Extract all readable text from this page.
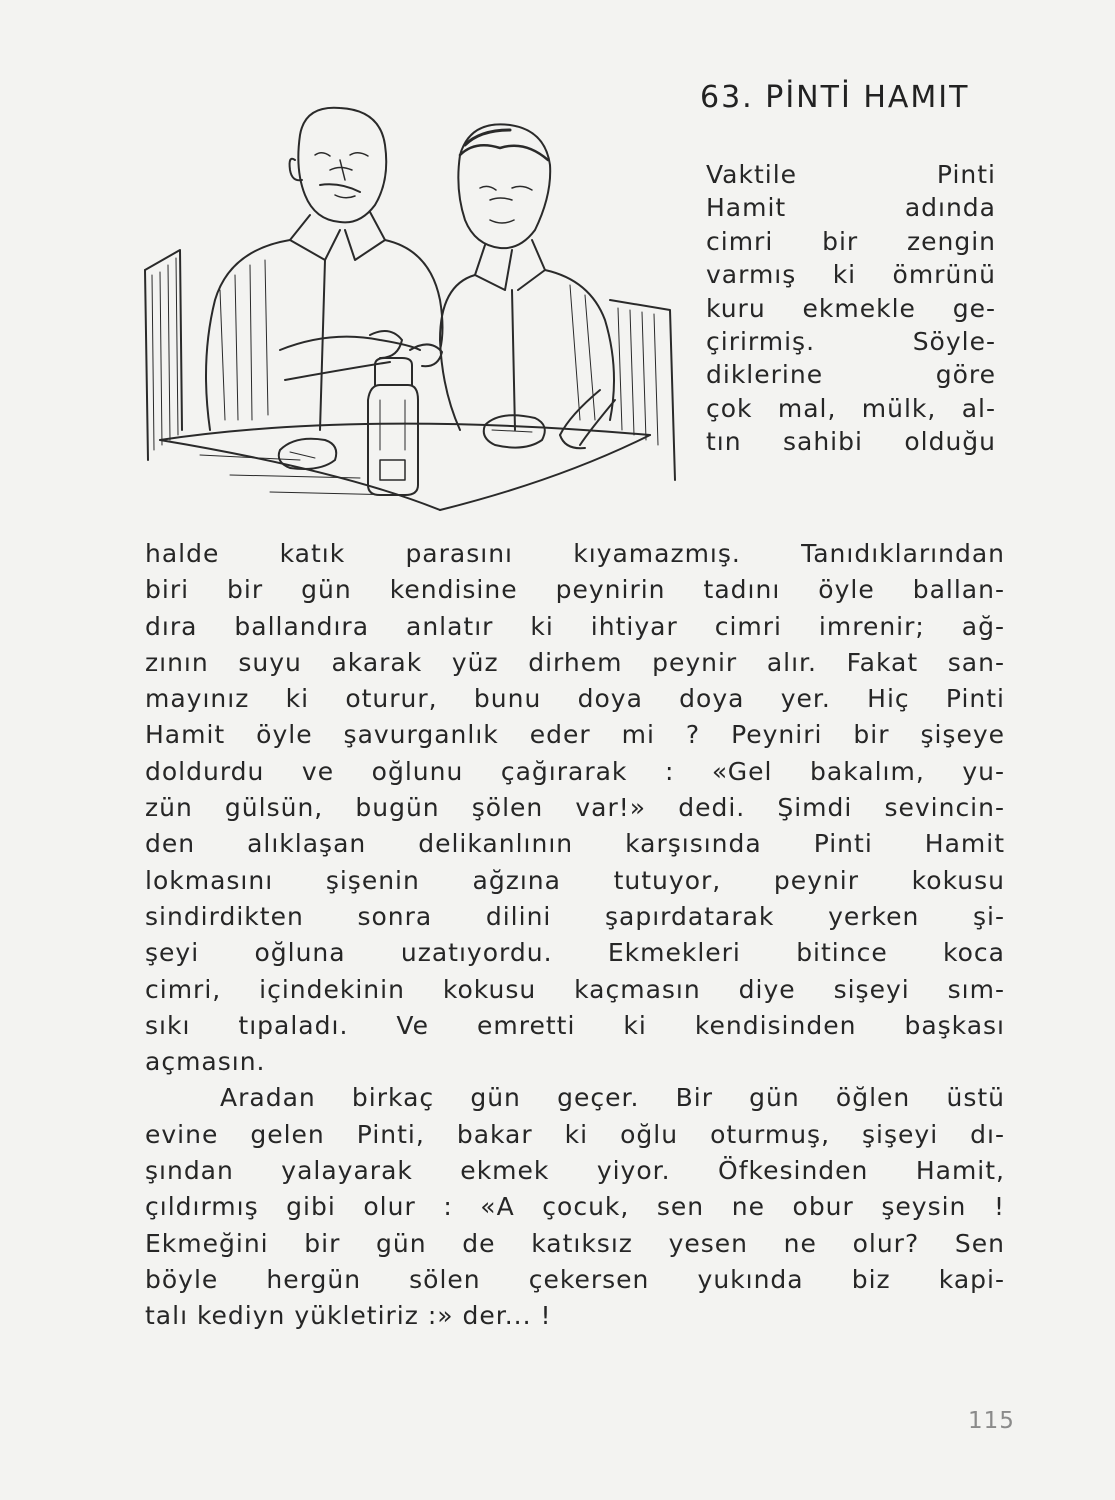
63. PİNTİ HAMIT
Vaktile Pinti
Hamit adında
cimri bir zengin
varmış ki ömrünü
kuru ekmekle ge-
çirirmiş. Söyle-
diklerine göre
çok mal, mülk, al-
tın sahibi olduğu
halde katık parasını kıyamazmış. Tanıdıklarından
biri bir gün kendisine peynirin tadını öyle ballan-
dıra ballandıra anlatır ki ihtiyar cimri imrenir; ağ-
zının suyu akarak yüz dirhem peynir alır. Fakat san-
mayınız ki oturur, bunu doya doya yer. Hiç Pinti
Hamit öyle şavurganlık eder mi ? Peyniri bir şişeye
doldurdu ve oğlunu çağırarak : «Gel bakalım, yu-
zün gülsün, bugün şölen var!» dedi. Şimdi sevincin-
den alıklaşan delikanlının karşısında Pinti Hamit
lokmasını şişenin ağzına tutuyor, peynir kokusu
sindirdikten sonra dilini şapırdatarak yerken şi-
şeyi oğluna uzatıyordu. Ekmekleri bitince koca
cimri, içindekinin kokusu kaçmasın diye sişeyi sım-
sıkı tıpaladı. Ve emretti ki kendisinden başkası
açmasın.
Aradan birkaç gün geçer. Bir gün öğlen üstü
evine gelen Pinti, bakar ki oğlu oturmuş, şişeyi dı-
şından yalayarak ekmek yiyor. Öfkesinden Hamit,
çıldırmış gibi olur : «A çocuk, sen ne obur şeysin !
Ekmeğini bir gün de katıksız yesen ne olur? Sen
böyle hergün sölen çekersen yukında biz kapi-
talı kediyn yükletiriz :» der... !
115
